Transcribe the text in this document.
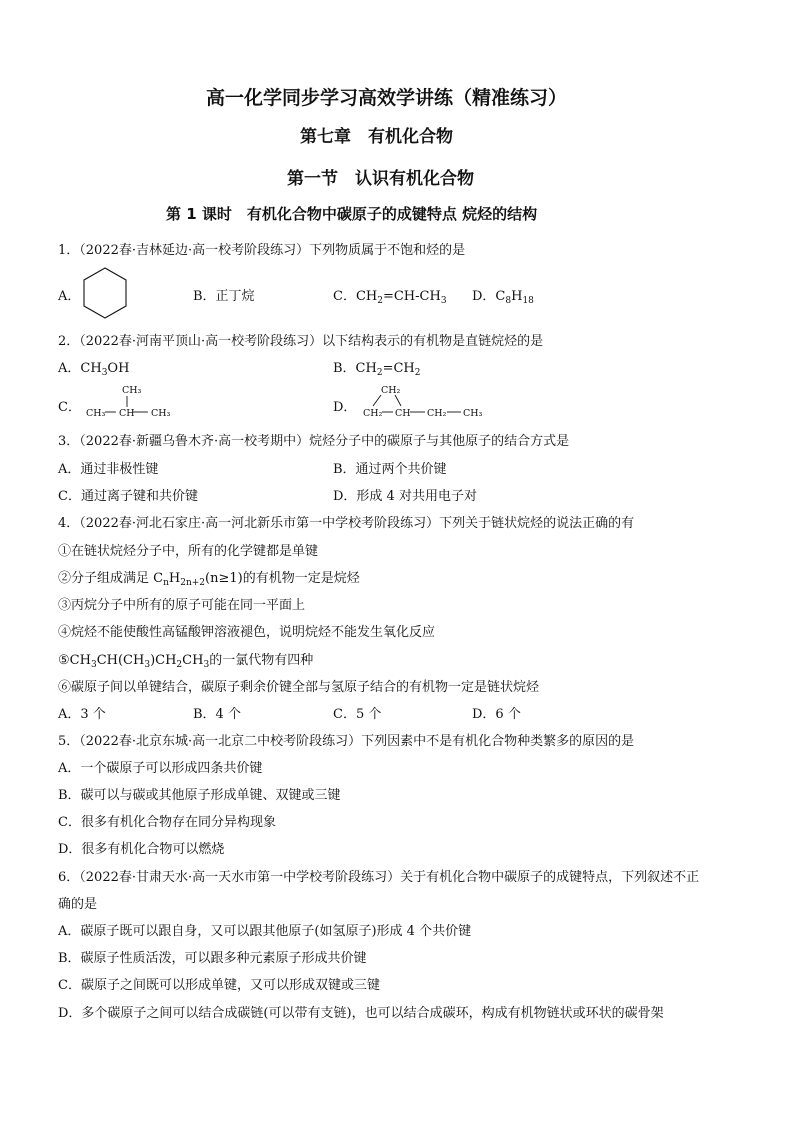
高一化学同步学习高效学讲练（精准练习）
第七章　有机化合物
第一节　认识有机化合物
第 1 课时　有机化合物中碳原子的成键特点 烷烃的结构
1．（2022春·吉林延边·高一校考阶段练习）下列物质属于不饱和烃的是
A．	B．正丁烷	C．$CH_2=CH-CH_3$ D．$C_8H_{18}$
2．（2022春·河南平顶山·高一校考阶段练习）以下结构表示的有机物是直链烷烃的是
A．$CH_3OH$	B．$CH_2=CH_2$
C．
CH₃
CH₃ CH CH₃	D．
CH₂
CH₂ CH CH₂ CH₃
3．（2022春·新疆乌鲁木齐·高一校考期中）烷烃分子中的碳原子与其他原子的结合方式是
A．通过非极性键	B．通过两个共价键
C．通过离子键和共价键	D．形成 4 对共用电子对
4．（2022春·河北石家庄·高一河北新乐市第一中学校考阶段练习）下列关于链状烷烃的说法正确的有
①在链状烷烃分子中，所有的化学键都是单键
②分子组成满足 $C_nH_{2n+2}(n\ge 1)$的有机物一定是烷烃
③丙烷分子中所有的原子可能在同一平面上
④烷烃不能使酸性高锰酸钾溶液褪色，说明烷烃不能发生氧化反应
$⑤CH_3CH(CH_3)CH_2CH_3$的一氯代物有四种
⑥碳原子间以单键结合，碳原子剩余价键全部与氢原子结合的有机物一定是链状烷烃
A．3 个	B．4 个	C．5 个	D．6 个
5．（2022春·北京东城·高一北京二中校考阶段练习）下列因素中不是有机化合物种类繁多的原因的是
A．一个碳原子可以形成四条共价键
B．碳可以与碳或其他原子形成单键、双键或三键
C．很多有机化合物存在同分异构现象
D．很多有机化合物可以燃烧
6．（2022春·甘肃天水·高一天水市第一中学校考阶段练习）关于有机化合物中碳原子的成键特点，下列叙述不正
确的是
A．碳原子既可以跟自身，又可以跟其他原子(如氢原子)形成 4 个共价键
B．碳原子性质活泼，可以跟多种元素原子形成共价键
C．碳原子之间既可以形成单键，又可以形成双键或三键
D．多个碳原子之间可以结合成碳链(可以带有支链)，也可以结合成碳环，构成有机物链状或环状的碳骨架
